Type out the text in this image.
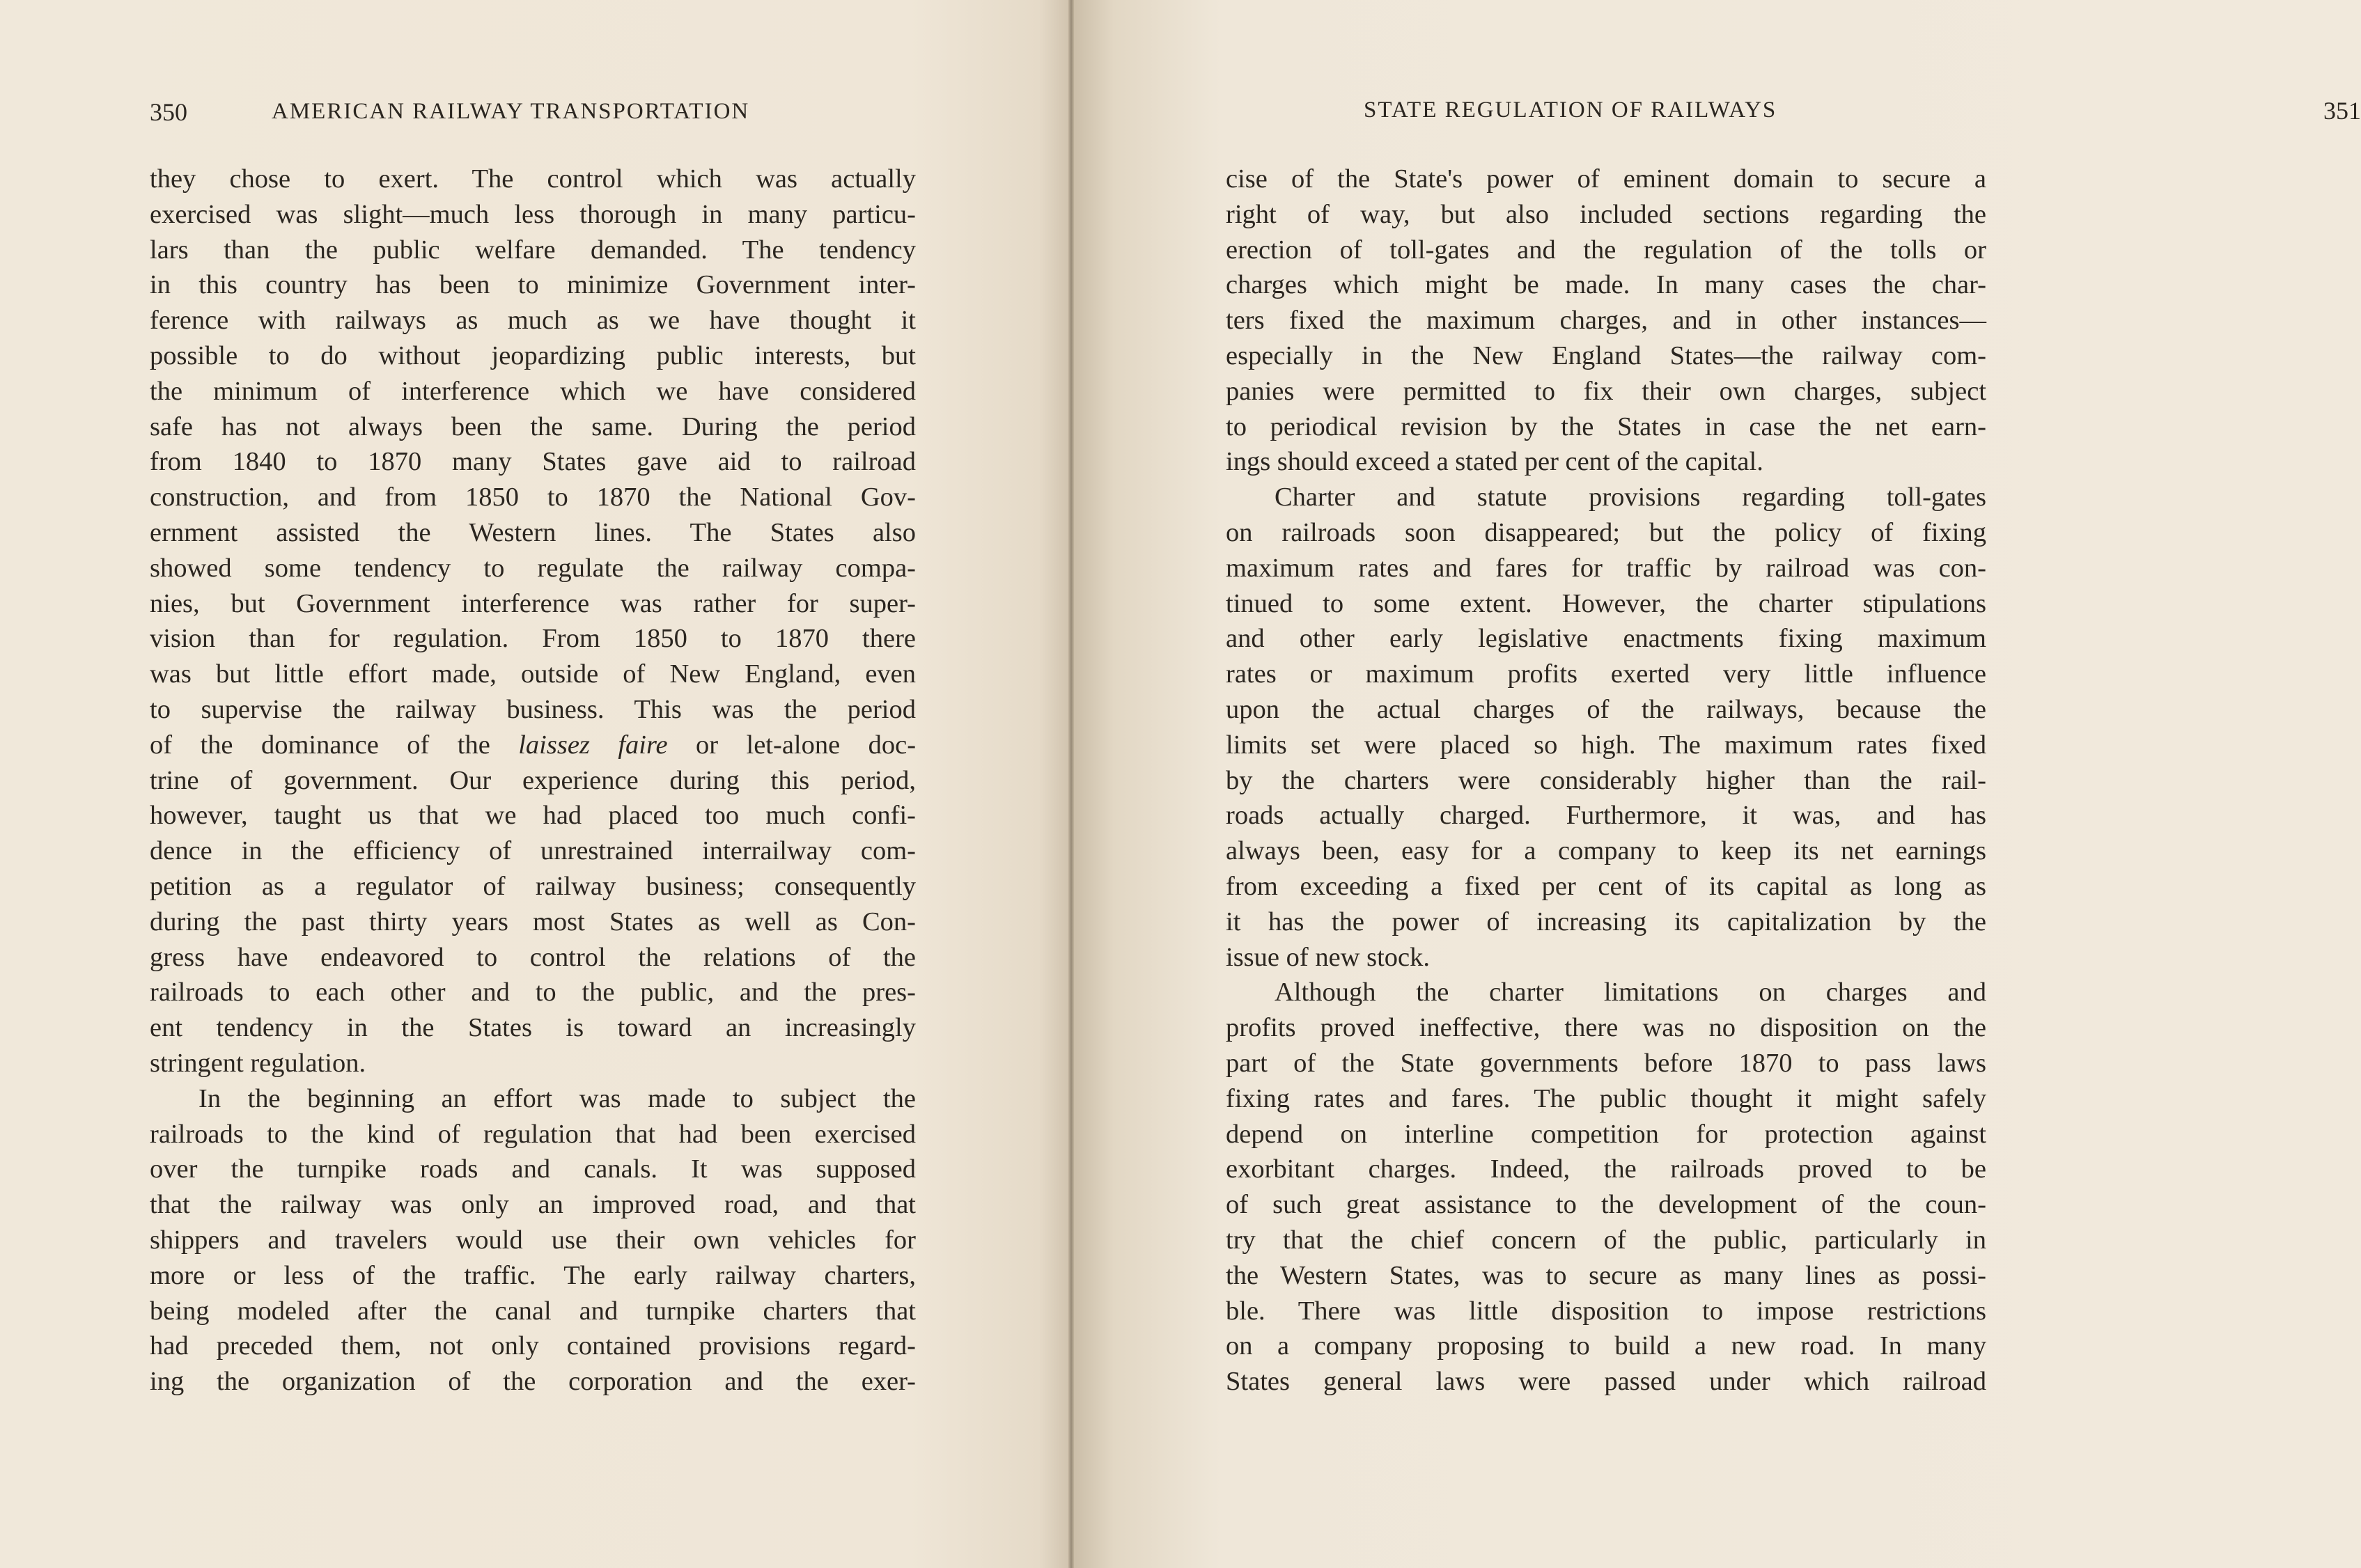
350	AMERICAN RAILWAY TRANSPORTATION
they chose to exert. The control which was actually
exercised was slight—much less thorough in many particu-
lars than the public welfare demanded. The tendency
in this country has been to minimize Government inter-
ference with railways as much as we have thought it
possible to do without jeopardizing public interests, but
the minimum of interference which we have considered
safe has not always been the same. During the period
from 1840 to 1870 many States gave aid to railroad
construction, and from 1850 to 1870 the National Gov-
ernment assisted the Western lines. The States also
showed some tendency to regulate the railway compa-
nies, but Government interference was rather for super-
vision than for regulation. From 1850 to 1870 there
was but little effort made, outside of New England, even
to supervise the railway business. This was the period
of the dominance of the laissez faire or let-alone doc-
trine of government. Our experience during this period,
however, taught us that we had placed too much confi-
dence in the efficiency of unrestrained interrailway com-
petition as a regulator of railway business; consequently
during the past thirty years most States as well as Con-
gress have endeavored to control the relations of the
railroads to each other and to the public, and the pres-
ent tendency in the States is toward an increasingly
stringent regulation.
In the beginning an effort was made to subject the
railroads to the kind of regulation that had been exercised
over the turnpike roads and canals. It was supposed
that the railway was only an improved road, and that
shippers and travelers would use their own vehicles for
more or less of the traffic. The early railway charters,
being modeled after the canal and turnpike charters that
had preceded them, not only contained provisions regard-
ing the organization of the corporation and the exer-
STATE REGULATION OF RAILWAYS	351
cise of the State's power of eminent domain to secure a
right of way, but also included sections regarding the
erection of toll-gates and the regulation of the tolls or
charges which might be made. In many cases the char-
ters fixed the maximum charges, and in other instances—
especially in the New England States—the railway com-
panies were permitted to fix their own charges, subject
to periodical revision by the States in case the net earn-
ings should exceed a stated per cent of the capital.
Charter and statute provisions regarding toll-gates
on railroads soon disappeared; but the policy of fixing
maximum rates and fares for traffic by railroad was con-
tinued to some extent. However, the charter stipulations
and other early legislative enactments fixing maximum
rates or maximum profits exerted very little influence
upon the actual charges of the railways, because the
limits set were placed so high. The maximum rates fixed
by the charters were considerably higher than the rail-
roads actually charged. Furthermore, it was, and has
always been, easy for a company to keep its net earnings
from exceeding a fixed per cent of its capital as long as
it has the power of increasing its capitalization by the
issue of new stock.
Although the charter limitations on charges and
profits proved ineffective, there was no disposition on the
part of the State governments before 1870 to pass laws
fixing rates and fares. The public thought it might safely
depend on interline competition for protection against
exorbitant charges. Indeed, the railroads proved to be
of such great assistance to the development of the coun-
try that the chief concern of the public, particularly in
the Western States, was to secure as many lines as possi-
ble. There was little disposition to impose restrictions
on a company proposing to build a new road. In many
States general laws were passed under which railroad
